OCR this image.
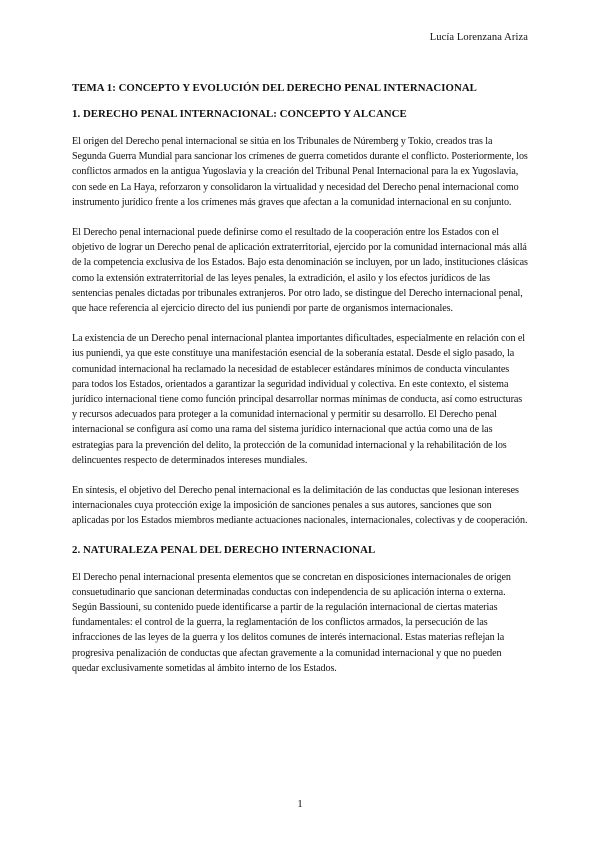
Lucía Lorenzana Ariza
TEMA 1: CONCEPTO Y EVOLUCIÓN DEL DERECHO PENAL INTERNACIONAL
1. DERECHO PENAL INTERNACIONAL: CONCEPTO Y ALCANCE

El origen del Derecho penal internacional se sitúa en los Tribunales de Núremberg y Tokio, creados tras la Segunda Guerra Mundial para sancionar los crímenes de guerra cometidos durante el conflicto. Posteriormente, los conflictos armados en la antigua Yugoslavia y la creación del Tribunal Penal Internacional para la ex Yugoslavia, con sede en La Haya, reforzaron y consolidaron la virtualidad y necesidad del Derecho penal internacional como instrumento jurídico frente a los crímenes más graves que afectan a la comunidad internacional en su conjunto.

El Derecho penal internacional puede definirse como el resultado de la cooperación entre los Estados con el objetivo de lograr un Derecho penal de aplicación extraterritorial, ejercido por la comunidad internacional más allá de la competencia exclusiva de los Estados. Bajo esta denominación se incluyen, por un lado, instituciones clásicas como la extensión extraterritorial de las leyes penales, la extradición, el asilo y los efectos jurídicos de las sentencias penales dictadas por tribunales extranjeros. Por otro lado, se distingue del Derecho internacional penal, que hace referencia al ejercicio directo del ius puniendi por parte de organismos internacionales.

La existencia de un Derecho penal internacional plantea importantes dificultades, especialmente en relación con el ius puniendi, ya que este constituye una manifestación esencial de la soberanía estatal. Desde el siglo pasado, la comunidad internacional ha reclamado la necesidad de establecer estándares mínimos de conducta vinculantes para todos los Estados, orientados a garantizar la seguridad individual y colectiva. En este contexto, el sistema jurídico internacional tiene como función principal desarrollar normas mínimas de conducta, así como estructuras y recursos adecuados para proteger a la comunidad internacional y permitir su desarrollo. El Derecho penal internacional se configura así como una rama del sistema jurídico internacional que actúa como una de las estrategias para la prevención del delito, la protección de la comunidad internacional y la rehabilitación de los delincuentes respecto de determinados intereses mundiales.

En síntesis, el objetivo del Derecho penal internacional es la delimitación de las conductas que lesionan intereses internacionales cuya protección exige la imposición de sanciones penales a sus autores, sanciones que son aplicadas por los Estados miembros mediante actuaciones nacionales, internacionales, colectivas y de cooperación.

2. NATURALEZA PENAL DEL DERECHO INTERNACIONAL

El Derecho penal internacional presenta elementos que se concretan en disposiciones internacionales de origen consuetudinario que sancionan determinadas conductas con independencia de su aplicación interna o externa. Según Bassiouni, su contenido puede identificarse a partir de la regulación internacional de ciertas materias fundamentales: el control de la guerra, la reglamentación de los conflictos armados, la persecución de las infracciones de las leyes de la guerra y los delitos comunes de interés internacional. Estas materias reflejan la progresiva penalización de conductas que afectan gravemente a la comunidad internacional y que no pueden quedar exclusivamente sometidas al ámbito interno de los Estados.

1
